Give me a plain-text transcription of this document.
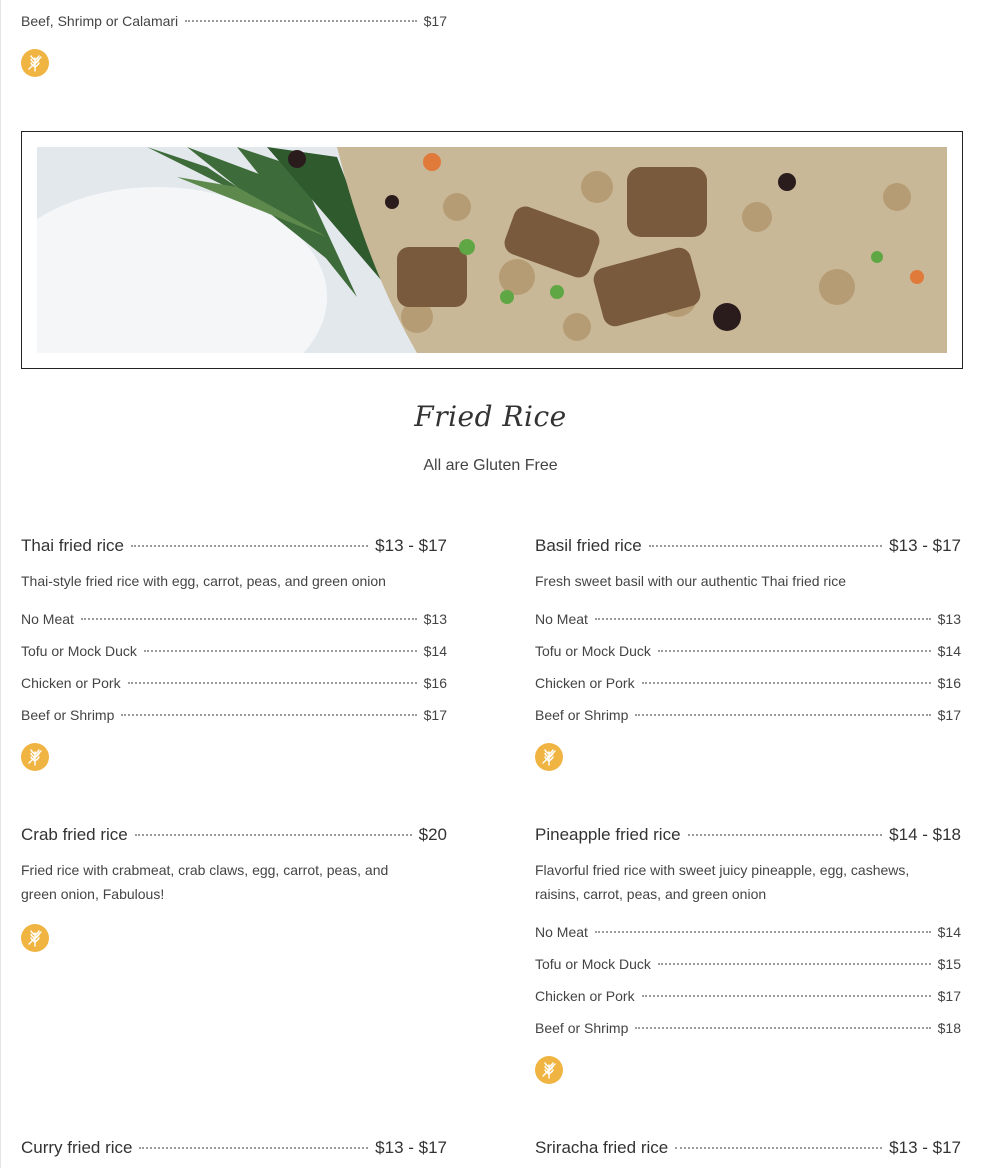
Beef, Shrimp or Calamari	$17
Fried Rice
All are Gluten Free
Thai fried rice	$13 - $17
Thai-style fried rice with egg, carrot, peas, and green onion
No Meat	$13
Tofu or Mock Duck	$14
Chicken or Pork	$16
Beef or Shrimp	$17
Basil fried rice	$13 - $17
Fresh sweet basil with our authentic Thai fried rice
No Meat	$13
Tofu or Mock Duck	$14
Chicken or Pork	$16
Beef or Shrimp	$17
Crab fried rice	$20
Fried rice with crabmeat, crab claws, egg, carrot, peas, and green onion, Fabulous!
Pineapple fried rice	$14 - $18
Flavorful fried rice with sweet juicy pineapple, egg, cashews, raisins, carrot, peas, and green onion
No Meat	$14
Tofu or Mock Duck	$15
Chicken or Pork	$17
Beef or Shrimp	$18
Curry fried rice	$13 - $17	Sriracha fried rice	$13 - $17
